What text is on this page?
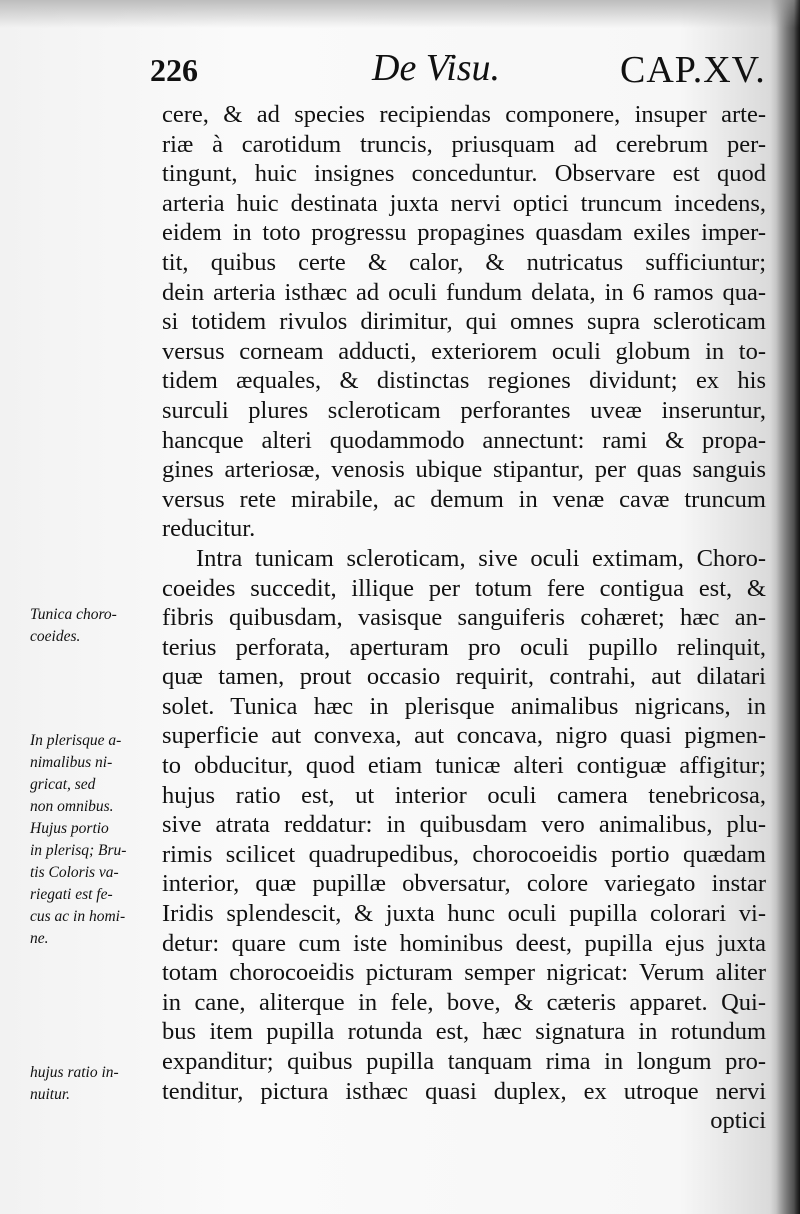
226	De Visu.	CAP.XV.
cere, & ad species recipiendas componere, insuper arte-
riæ à carotidum truncis, priusquam ad cerebrum per-
tingunt, huic insignes conceduntur. Observare est quod
arteria huic destinata juxta nervi optici truncum incedens,
eidem in toto progressu propagines quasdam exiles imper-
tit, quibus certe & calor, & nutricatus sufficiuntur;
dein arteria isthæc ad oculi fundum delata, in 6 ramos qua-
si totidem rivulos dirimitur, qui omnes supra scleroticam
versus corneam adducti, exteriorem oculi globum in to-
tidem æquales, & distinctas regiones dividunt; ex his
surculi plures scleroticam perforantes uveæ inseruntur,
hancque alteri quodammodo annectunt: rami & propa-
gines arteriosæ, venosis ubique stipantur, per quas sanguis
versus rete mirabile, ac demum in venæ cavæ truncum
reducitur.
Intra tunicam scleroticam, sive oculi extimam, Choro-
coeides succedit, illique per totum fere contigua est, &
fibris quibusdam, vasisque sanguiferis cohæret; hæc an-
terius perforata, aperturam pro oculi pupillo relinquit,
quæ tamen, prout occasio requirit, contrahi, aut dilatari
solet. Tunica hæc in plerisque animalibus nigricans, in
superficie aut convexa, aut concava, nigro quasi pigmen-
to obducitur, quod etiam tunicæ alteri contiguæ affigitur;
hujus ratio est, ut interior oculi camera tenebricosa,
sive atrata reddatur: in quibusdam vero animalibus, plu-
rimis scilicet quadrupedibus, chorocoeidis portio quædam
interior, quæ pupillæ obversatur, colore variegato instar
Iridis splendescit, & juxta hunc oculi pupilla colorari vi-
detur: quare cum iste hominibus deest, pupilla ejus juxta
totam chorocoeidis picturam semper nigricat: Verum aliter
in cane, aliterque in fele, bove, & cæteris apparet. Qui-
bus item pupilla rotunda est, hæc signatura in rotundum
expanditur; quibus pupilla tanquam rima in longum pro-
tenditur, pictura isthæc quasi duplex, ex utroque nervi
optici
Tunica choro-
coeides.
In plerisque a-
nimalibus ni-
gricat, sed
non omnibus.
Hujus portio
in plerisq; Bru-
tis Coloris va-
riegati est fe-
cus ac in homi-
ne.
hujus ratio in-
nuitur.
